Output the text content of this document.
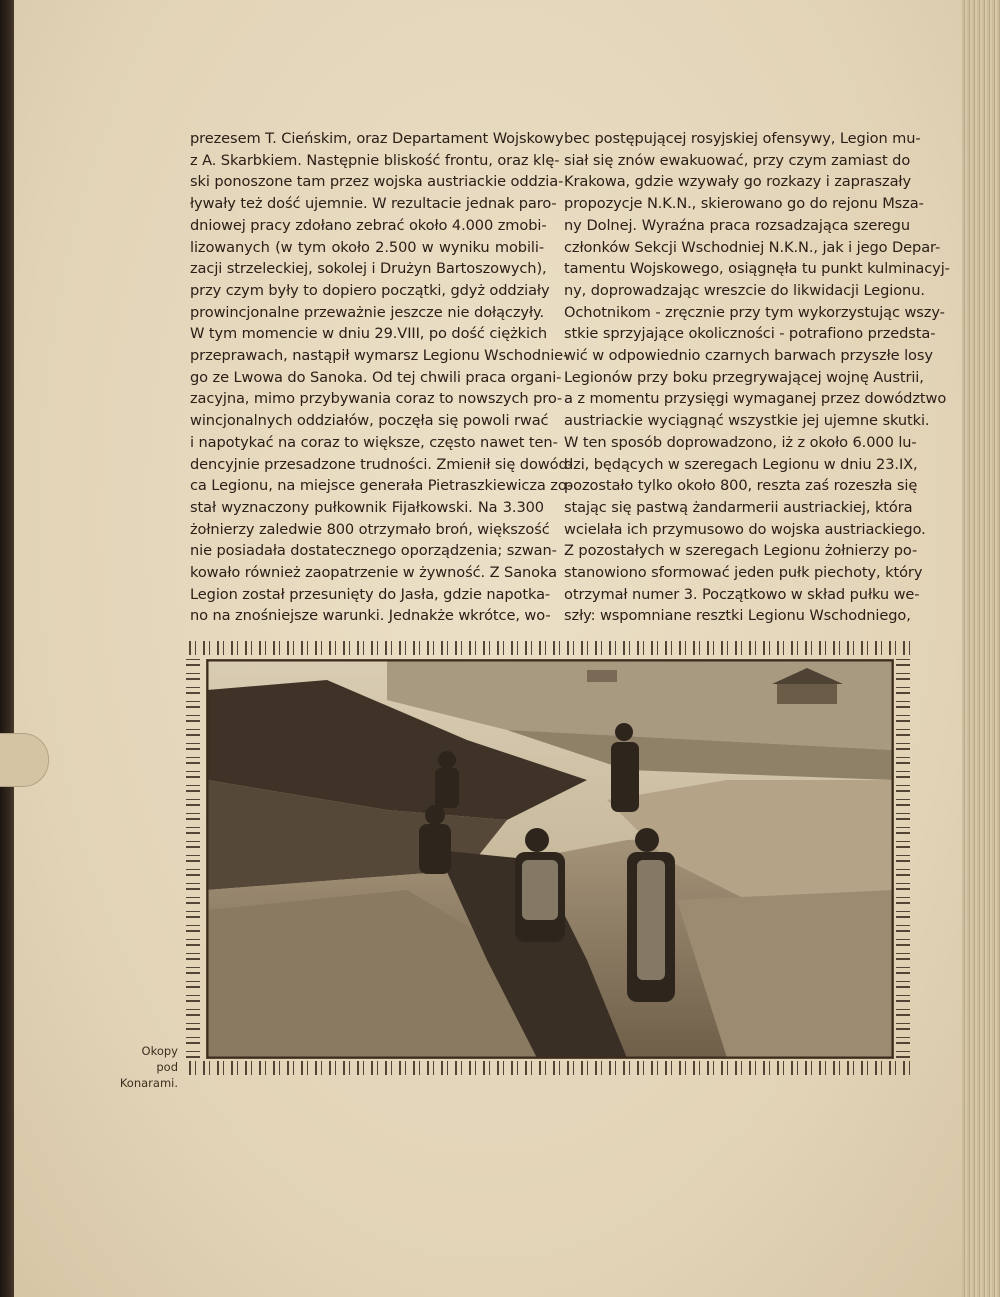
prezesem T. Cieńskim, oraz Departament Wojskowy
z A. Skarbkiem. Następnie bliskość frontu, oraz klę-
ski ponoszone tam przez wojska austriackie oddzia-
ływały też dość ujemnie. W rezultacie jednak paro-
dniowej pracy zdołano zebrać około 4.000 zmobi-
lizowanych (w tym około 2.500 w wyniku mobili-
zacji strzeleckiej, sokolej i Drużyn Bartoszowych),
przy czym były to dopiero początki, gdyż oddziały
prowincjonalne przeważnie jeszcze nie dołączyły.
W tym momencie w dniu 29.VIII, po dość ciężkich
przeprawach, nastąpił wymarsz Legionu Wschodnie-
go ze Lwowa do Sanoka. Od tej chwili praca organi-
zacyjna, mimo przybywania coraz to nowszych pro-
wincjonalnych oddziałów, poczęła się powoli rwać
i napotykać na coraz to większe, często nawet ten-
dencyjnie przesadzone trudności. Zmienił się dowód-
ca Legionu, na miejsce generała Pietraszkiewicza zo-
stał wyznaczony pułkownik Fijałkowski. Na 3.300
żołnierzy zaledwie 800 otrzymało broń, większość
nie posiadała dostatecznego oporządzenia; szwan-
kowało również zaopatrzenie w żywność. Z Sanoka
Legion został przesunięty do Jasła, gdzie napotka-
no na znośniejsze warunki. Jednakże wkrótce, wo-
bec postępującej rosyjskiej ofensywy, Legion mu-
siał się znów ewakuować, przy czym zamiast do
Krakowa, gdzie wzywały go rozkazy i zapraszały
propozycje N.K.N., skierowano go do rejonu Msza-
ny Dolnej. Wyraźna praca rozsadzająca szeregu
członków Sekcji Wschodniej N.K.N., jak i jego Depar-
tamentu Wojskowego, osiągnęła tu punkt kulminacyj-
ny, doprowadzając wreszcie do likwidacji Legionu.
Ochotnikom - zręcznie przy tym wykorzystując wszy-
stkie sprzyjające okoliczności - potrafiono przedsta-
wić w odpowiednio czarnych barwach przyszłe losy
Legionów przy boku przegrywającej wojnę Austrii,
a z momentu przysięgi wymaganej przez dowództwo
austriackie wyciągnąć wszystkie jej ujemne skutki.
W ten sposób doprowadzono, iż z około 6.000 lu-
dzi, będących w szeregach Legionu w dniu 23.IX,
pozostało tylko około 800, reszta zaś rozeszła się
stając się pastwą żandarmerii austriackiej, która
wcielała ich przymusowo do wojska austriackiego.
Z pozostałych w szeregach Legionu żołnierzy po-
stanowiono sformować jeden pułk piechoty, który
otrzymał numer 3. Początkowo w skład pułku we-
szły: wspomniane resztki Legionu Wschodniego,
Okopy
pod Konarami.
